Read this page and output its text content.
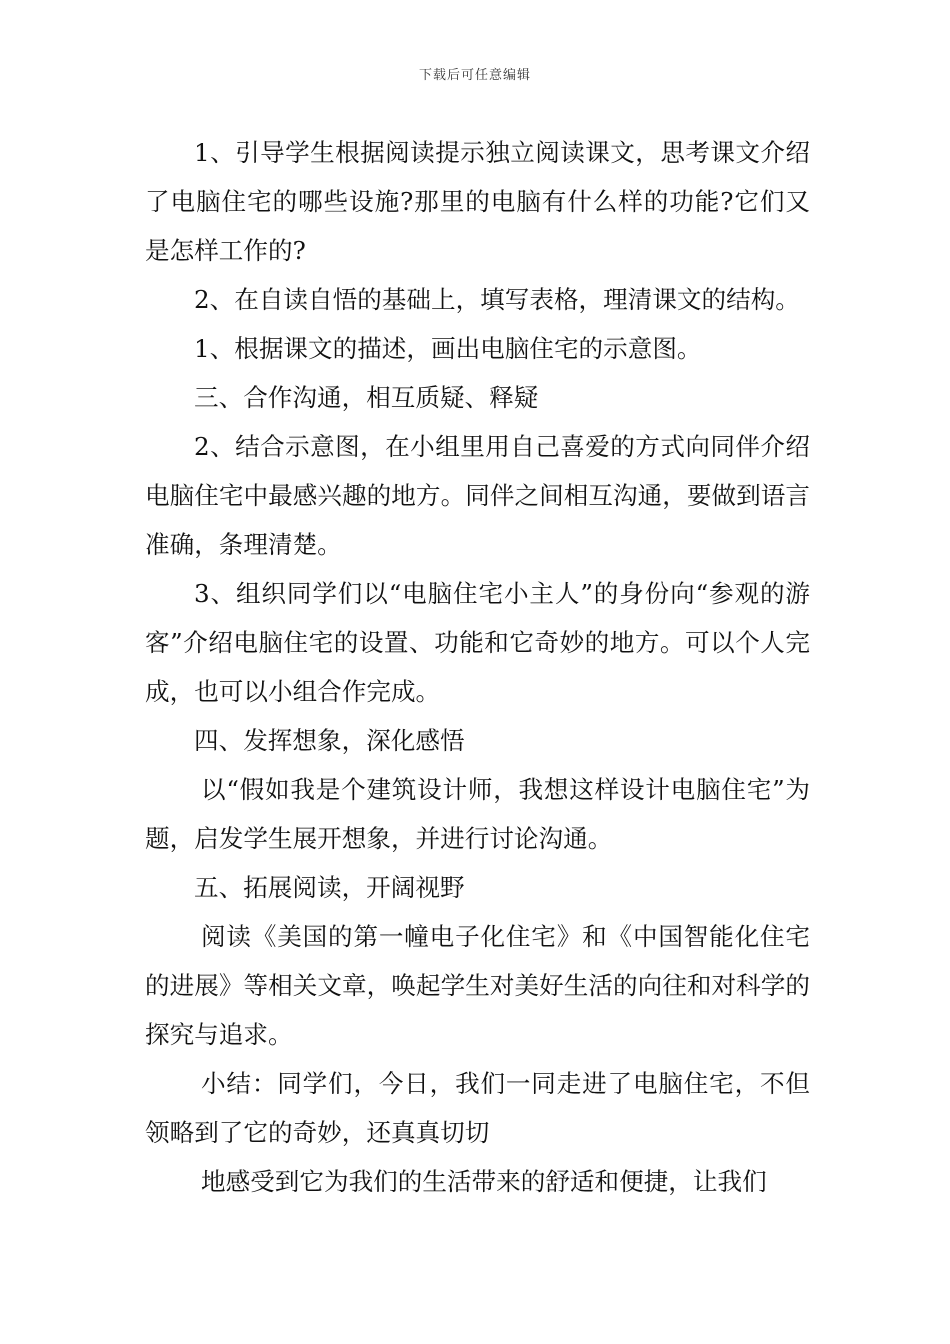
下载后可任意编辑

1、引导学生根据阅读提示独立阅读课文，思考课文介绍了电脑住宅的哪些设施?那里的电脑有什么样的功能?它们又是怎样工作的?

2、在自读自悟的基础上，填写表格，理清课文的结构。

1、根据课文的描述，画出电脑住宅的示意图。

三、合作沟通，相互质疑、释疑

2、结合示意图，在小组里用自己喜爱的方式向同伴介绍电脑住宅中最感兴趣的地方。同伴之间相互沟通，要做到语言准确，条理清楚。

3、组织同学们以“电脑住宅小主人”的身份向“参观的游客”介绍电脑住宅的设置、功能和它奇妙的地方。可以个人完成，也可以小组合作完成。

四、发挥想象，深化感悟

以“假如我是个建筑设计师，我想这样设计电脑住宅”为题，启发学生展开想象，并进行讨论沟通。

五、拓展阅读，开阔视野

阅读《美国的第一幢电子化住宅》和《中国智能化住宅的进展》等相关文章，唤起学生对美好生活的向往和对科学的探究与追求。

小结：同学们，今日，我们一同走进了电脑住宅，不但领略到了它的奇妙，还真真切切

地感受到它为我们的生活带来的舒适和便捷，让我们
